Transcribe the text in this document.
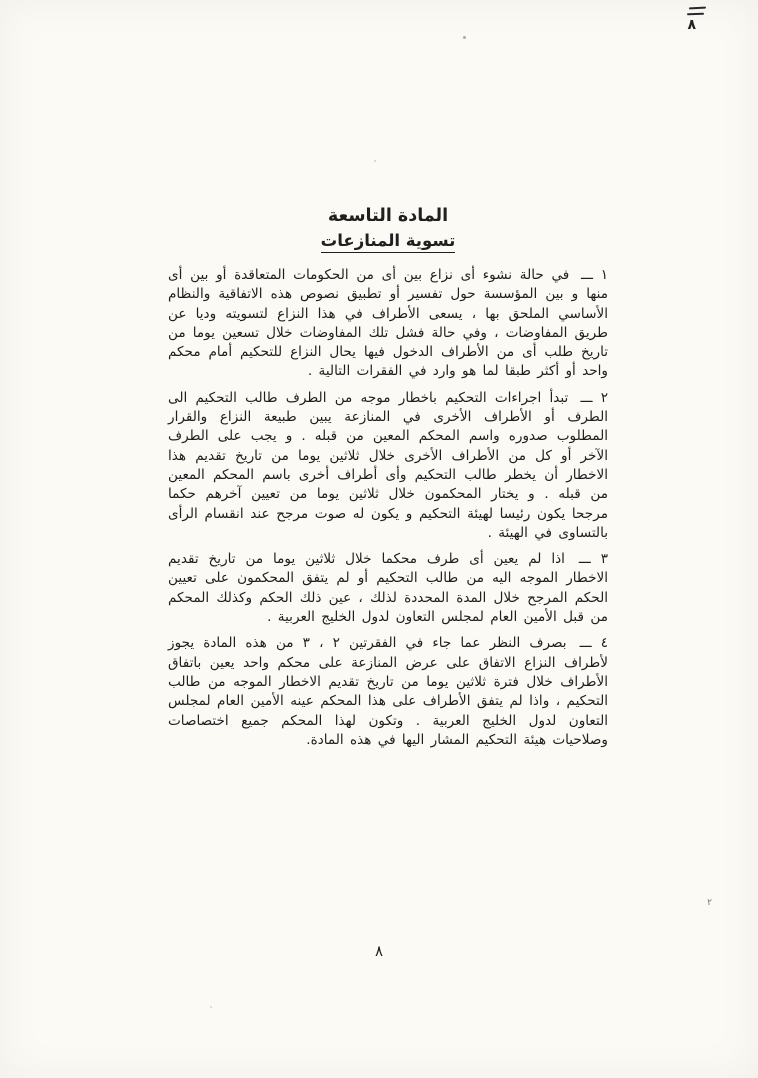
٨
المادة التاسعة
تسوية المنازعات

١ ـــ في حالة نشوء أى نزاع بين أى من الحكومات المتعاقدة أو بين أى منها و بين المؤسسة حول تفسير أو تطبيق نصوص هذه الاتفاقية والنظام الأساسي الملحق بها ، يسعى الأطراف في هذا النزاع لتسويته وديا عن طريق المفاوضات ، وفي حالة فشل تلك المفاوضات خلال تسعين يوما من تاريخ طلب أى من الأطراف الدخول فيها يحال النزاع للتحكيم أمام محكم واحد أو أكثر طبقا لما هو وارد في الفقرات التالية .

٢ ـــ تبدأ اجراءات التحكيم باخطار موجه من الطرف طالب التحكيم الى الطرف أو الأطراف الأخرى في المنازعة يبين طبيعة النزاع والقرار المطلوب صدوره واسم المحكم المعين من قبله . و يجب على الطرف الآخر أو كل من الأطراف الأخرى خلال ثلاثين يوما من تاريخ تقديم هذا الاخطار أن يخطر طالب التحكيم وأى أطراف أخرى باسم المحكم المعين من قبله . و يختار المحكمون خلال ثلاثين يوما من تعيين آخرهم حكما مرجحا يكون رئيسا لهيئة التحكيم و يكون له صوت مرجح عند انقسام الرأى بالتساوى في الهيئة .

٣ ـــ اذا لم يعين أى طرف محكما خلال ثلاثين يوما من تاريخ تقديم الاخطار الموجه اليه من طالب التحكيم أو لم يتفق المحكمون على تعيين الحكم المرجح خلال المدة المحددة لذلك ، عين ذلك الحكم وكذلك المحكم من قبل الأمين العام لمجلس التعاون لدول الخليج العربية .

٤ ـــ بصرف النظر عما جاء في الفقرتين ٢ ، ٣ من هذه المادة يجوز لأطراف النزاع الاتفاق على عرض المنازعة على محكم واحد يعين باتفاق الأطراف خلال فترة ثلاثين يوما من تاريخ تقديم الاخطار الموجه من طالب التحكيم ، واذا لم يتفق الأطراف على هذا المحكم عينه الأمين العام لمجلس التعاون لدول الخليج العربية . وتكون لهذا المحكم جميع اختصاصات وصلاحيات هيئة التحكيم المشار اليها في هذه المادة.

٢
٨
